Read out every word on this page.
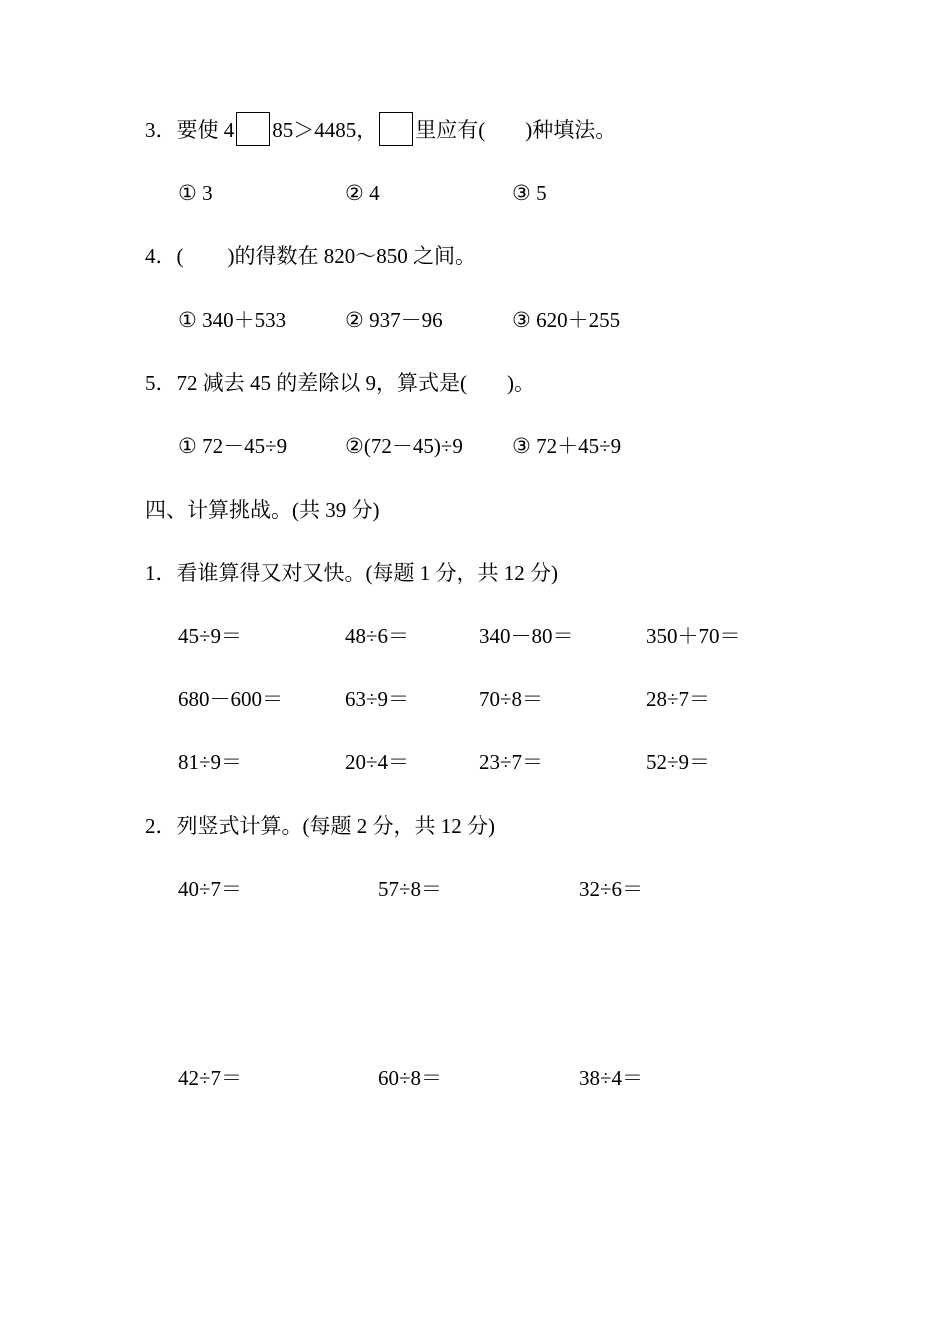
3．要使 4 85＞4485， 里应有( )种填法。
① 3	② 4	③ 5
4．( )的得数在 820～850 之间。
① 340＋533	② 937－96	③ 620＋255
5．72 减去 45 的差除以 9，算式是( )。
① 72－45÷9	②(72－45)÷9 ③ 72＋45÷9
四、计算挑战。(共 39 分)
1．看谁算得又对又快。(每题 1 分，共 12 分)
45÷9＝	48÷6＝	340－80＝	350＋70＝
680－600＝	63÷9＝	70÷8＝	28÷7＝
81÷9＝	20÷4＝	23÷7＝	52÷9＝
2．列竖式计算。(每题 2 分，共 12 分)
40÷7＝	57÷8＝	32÷6＝
42÷7＝	60÷8＝	38÷4＝
